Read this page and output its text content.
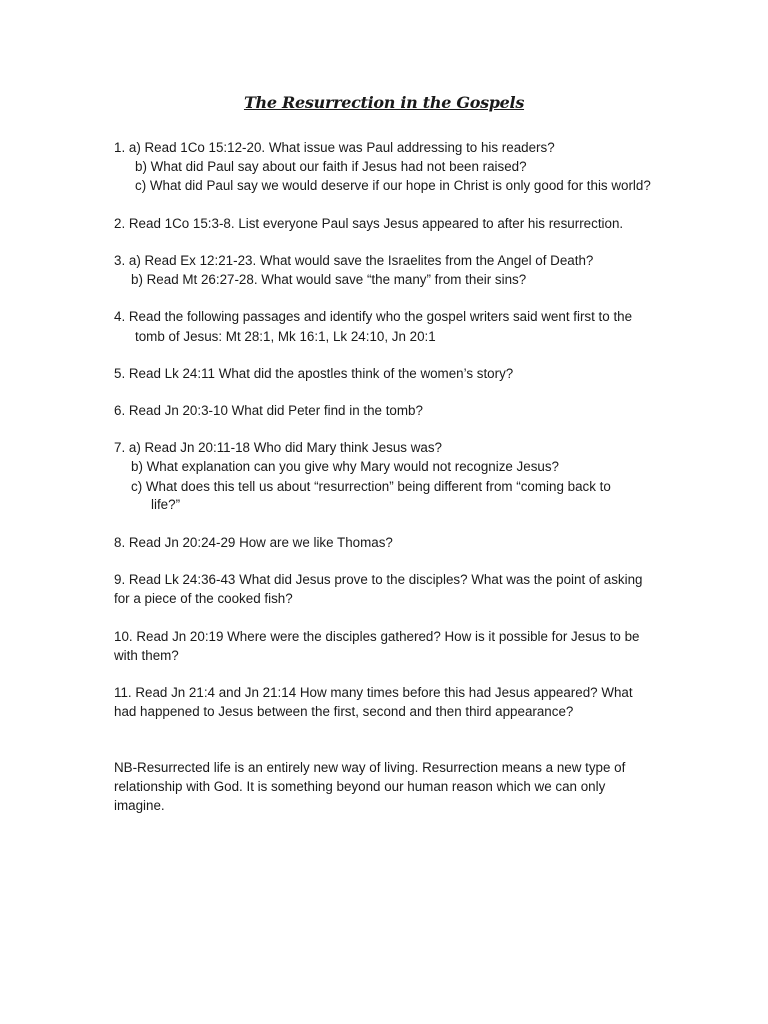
The Resurrection in the Gospels
1. a) Read 1Co 15:12-20. What issue was Paul addressing to his readers?
b) What did Paul say about our faith if Jesus had not been raised?
c) What did Paul say we would deserve if our hope in Christ is only good for this world?
2. Read 1Co 15:3-8. List everyone Paul says Jesus appeared to after his resurrection.
3. a) Read Ex 12:21-23. What would save the Israelites from the Angel of Death?
b) Read Mt 26:27-28. What would save “the many” from their sins?
4. Read the following passages and identify who the gospel writers said went first to the
tomb of Jesus: Mt 28:1, Mk 16:1, Lk 24:10, Jn 20:1
5. Read Lk 24:11 What did the apostles think of the women’s story?
6. Read Jn 20:3-10 What did Peter find in the tomb?
7. a) Read Jn 20:11-18 Who did Mary think Jesus was?
b) What explanation can you give why Mary would not recognize Jesus?
c) What does this tell us about “resurrection” being different from “coming back to
life?”
8. Read Jn 20:24-29 How are we like Thomas?
9. Read Lk 24:36-43 What did Jesus prove to the disciples? What was the point of asking
for a piece of the cooked fish?
10. Read Jn 20:19 Where were the disciples gathered? How is it possible for Jesus to be
with them?
11. Read Jn 21:4 and Jn 21:14 How many times before this had Jesus appeared? What
had happened to Jesus between the first, second and then third appearance?
NB-Resurrected life is an entirely new way of living. Resurrection means a new type of
relationship with God. It is something beyond our human reason which we can only
imagine.
